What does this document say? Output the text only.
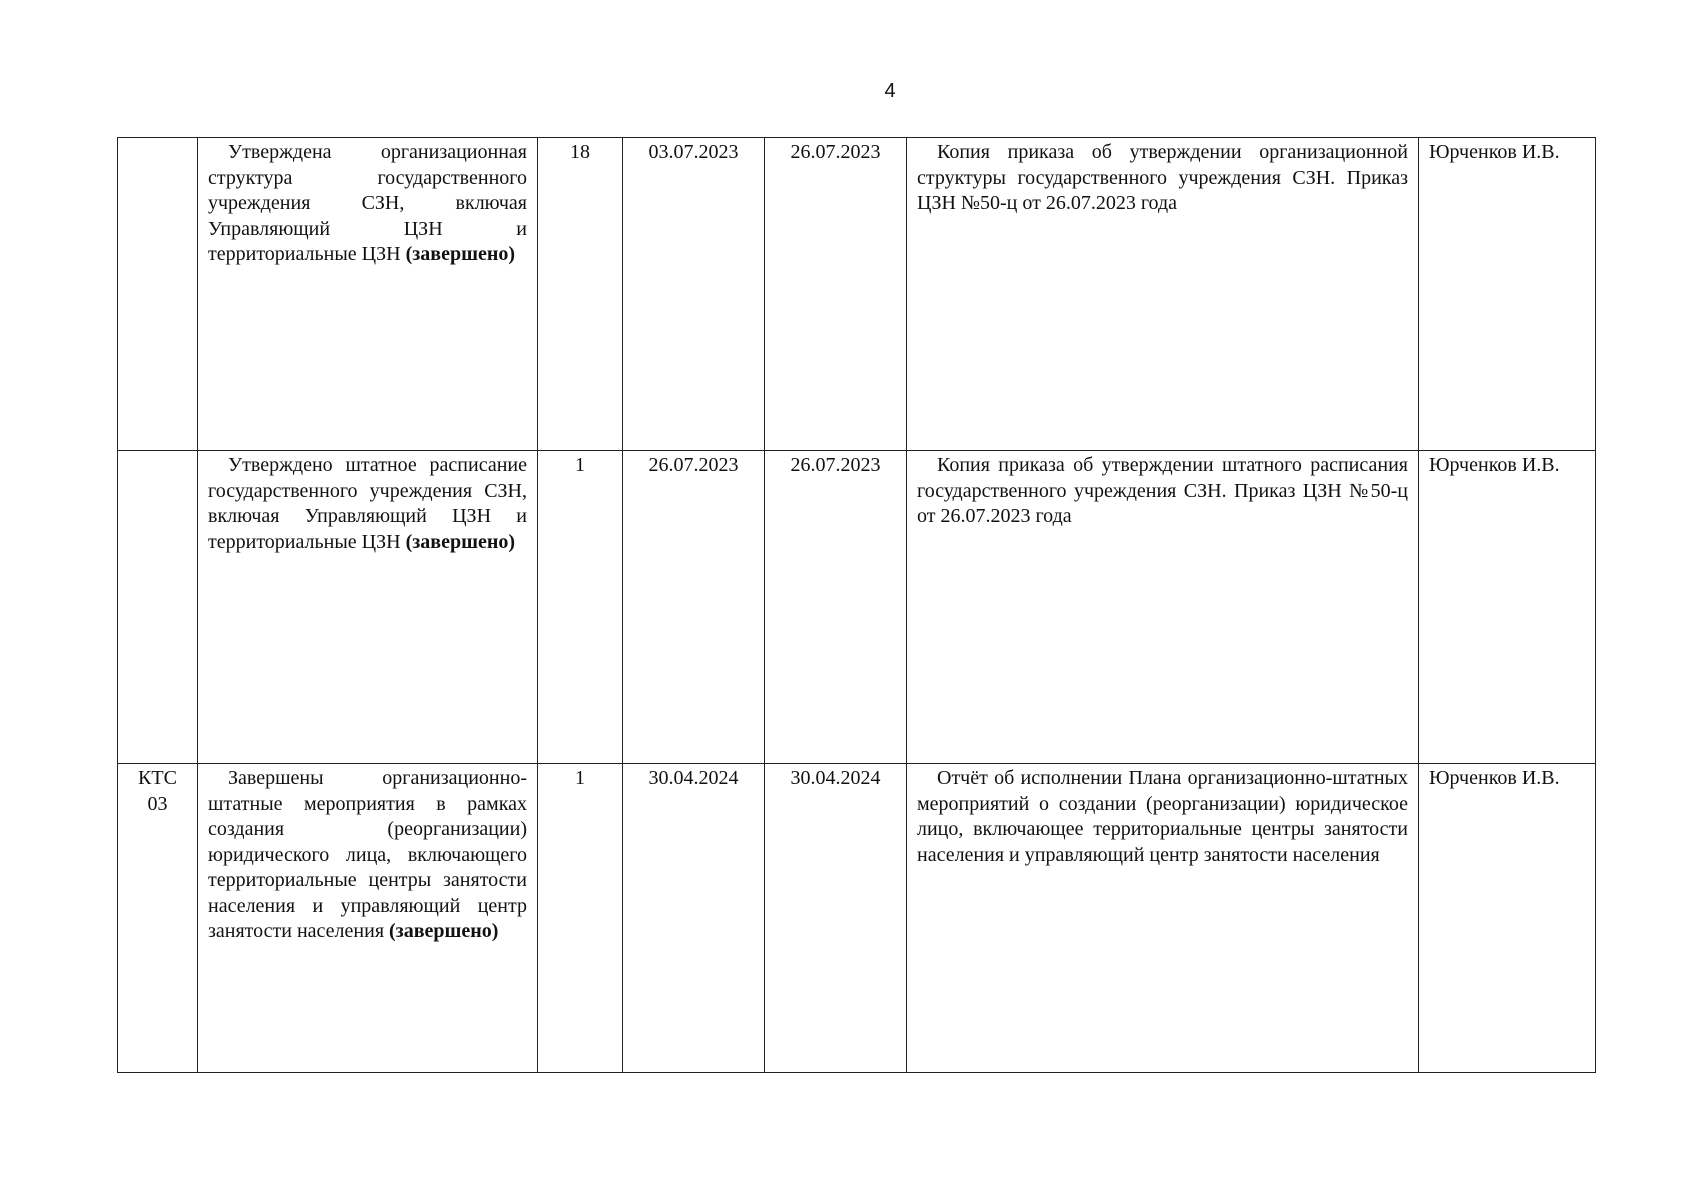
4
	Утверждена организационная структура государственного учреждения СЗН, включая Управляющий ЦЗН и территориальные ЦЗН (завершено)	18	03.07.2023	26.07.2023	Копия приказа об утверждении организационной структуры государственного учреждения СЗН. Приказ ЦЗН №50-ц от 26.07.2023 года	Юрченков И.В.
	Утверждено штатное расписание государственного учреждения СЗН, включая Управляющий ЦЗН и территориальные ЦЗН (завершено)	1	26.07.2023	26.07.2023	Копия приказа об утверждении штатного расписания государственного учреждения СЗН. Приказ ЦЗН №50-ц от 26.07.2023 года	Юрченков И.В.
КТС 03	Завершены организационно-штатные мероприятия в рамках создания (реорганизации) юридического лица, включающего территориальные центры занятости населения и управляющий центр занятости населения (завершено)	1	30.04.2024	30.04.2024	Отчёт об исполнении Плана организационно-штатных мероприятий о создании (реорганизации) юридическое лицо, включающее территориальные центры занятости населения и управляющий центр занятости населения	Юрченков И.В.
